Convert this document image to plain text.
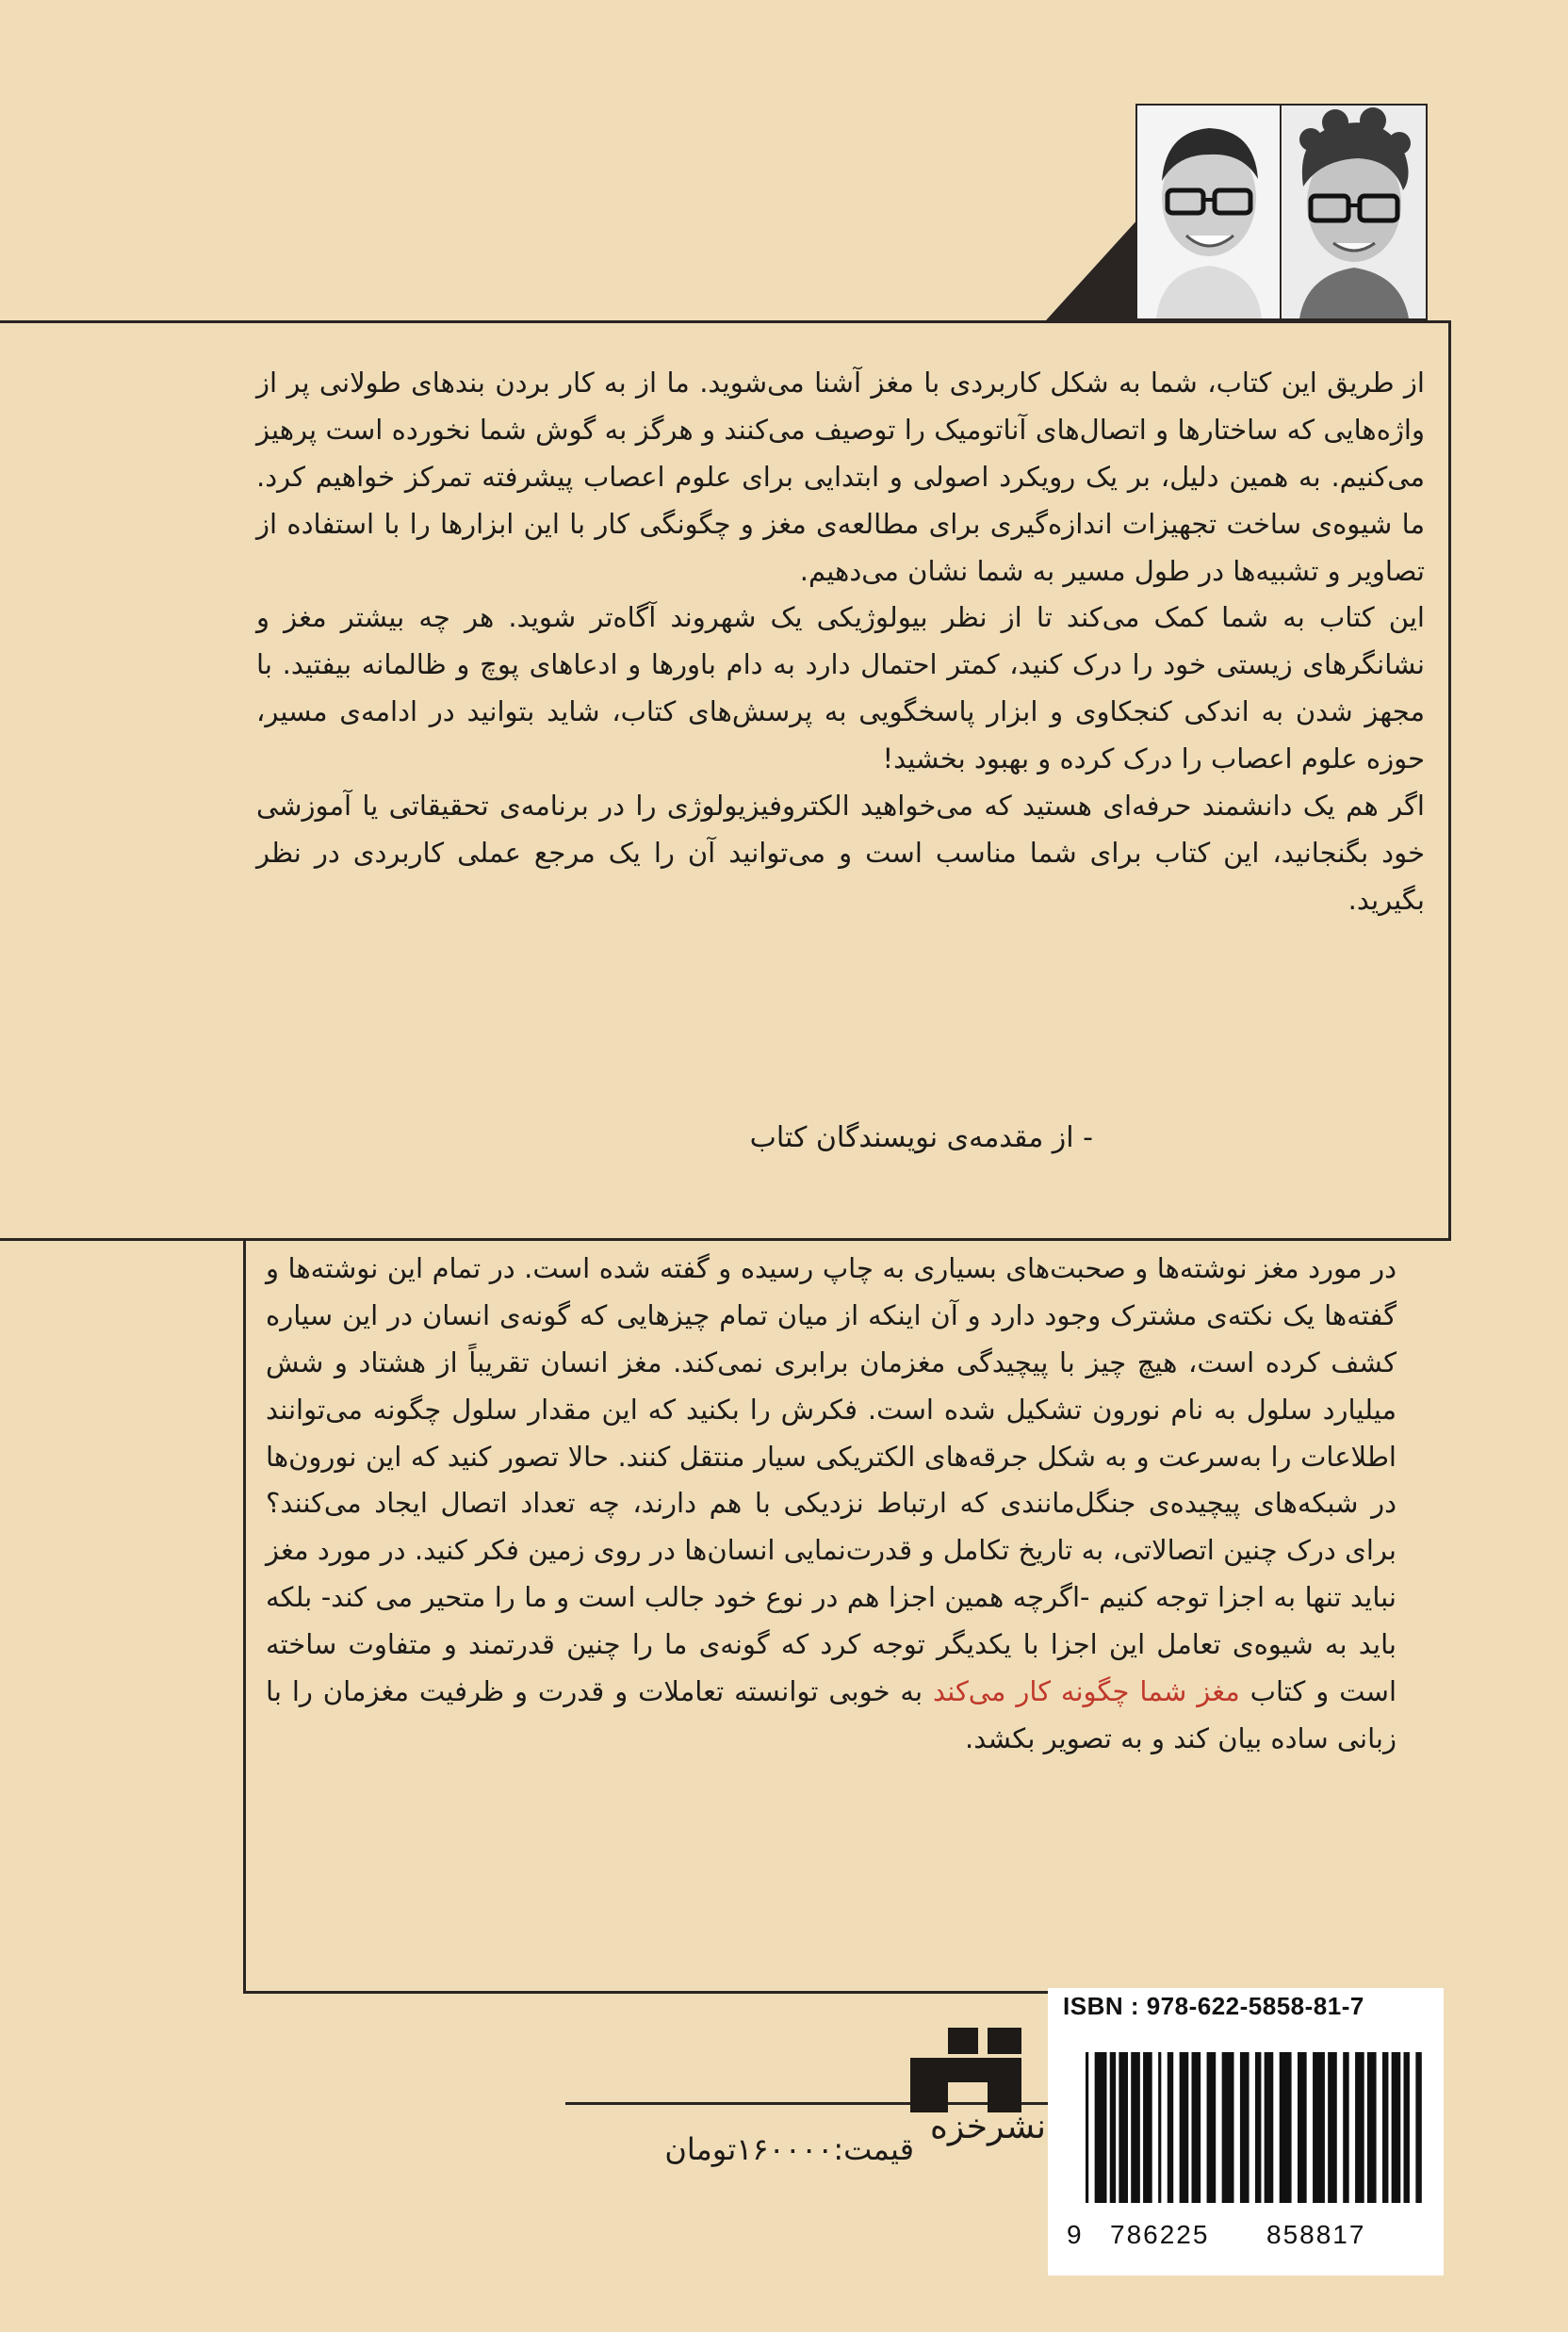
از طریق این کتاب، شما به شکل کاربردی با مغز آشنا می‌شوید. ما از به کار بردن بندهای طولانی پر از واژه‌هایی که ساختارها و اتصال‌های آناتومیک را توصیف می‌کنند و هرگز به گوش شما نخورده است پرهیز می‌کنیم. به همین دلیل، بر یک رویکرد اصولی و ابتدایی برای علوم اعصاب پیشرفته تمرکز خواهیم کرد. ما شیوه‌ی ساخت تجهیزات اندازه‌گیری برای مطالعه‌ی مغز و چگونگی کار با این ابزارها را با استفاده از تصاویر و تشبیه‌ها در طول مسیر به شما نشان می‌دهیم.

این کتاب به شما کمک می‌کند تا از نظر بیولوژیکی یک شهروند آگاه‌تر شوید. هر چه بیشتر مغز و نشانگرهای زیستی خود را درک کنید، کمتر احتمال دارد به دام باورها و ادعاهای پوچ و ظالمانه بیفتید. با مجهز شدن به اندکی کنجکاوی و ابزار پاسخگویی به پرسش‌های کتاب، شاید بتوانید در ادامه‌ی مسیر، حوزه علوم اعصاب را درک کرده و بهبود بخشید!

اگر هم یک دانشمند حرفه‌ای هستید که می‌خواهید الکتروفیزیولوژی را در برنامه‌ی تحقیقاتی یا آموزشی خود بگنجانید، این کتاب برای شما مناسب است و می‌توانید آن را یک مرجع عملی کاربردی در نظر بگیرید.

- از مقدمه‌ی نویسندگان کتاب

در مورد مغز نوشته‌ها و صحبت‌های بسیاری به چاپ رسیده و گفته شده است. در تمام این نوشته‌ها و گفته‌ها یک نکته‌ی مشترک وجود دارد و آن اینکه از میان تمام چیزهایی که گونه‌ی انسان در این سیاره کشف کرده است، هیچ چیز با پیچیدگی مغزمان برابری نمی‌کند. مغز انسان تقریباً از هشتاد و شش میلیارد سلول به نام نورون تشکیل شده است. فکرش را بکنید که این مقدار سلول چگونه می‌توانند اطلاعات را به‌سرعت و به شکل جرقه‌های الکتریکی سیار منتقل کنند. حالا تصور کنید که این نورون‌ها در شبکه‌های پیچیده‌ی جنگل‌مانندی که ارتباط نزدیکی با هم دارند، چه تعداد اتصال ایجاد می‌کنند؟ برای درک چنین اتصالاتی، به تاریخ تکامل و قدرت‌نمایی انسان‌ها در روی زمین فکر کنید. در مورد مغز نباید تنها به اجزا توجه کنیم -اگرچه همین اجزا هم در نوع خود جالب است و ما را متحیر می کند- بلکه باید به شیوه‌ی تعامل این اجزا با یکدیگر توجه کرد که گونه‌ی ما را چنین قدرتمند و متفاوت ساخته است و کتاب مغز شما چگونه کار می‌کند به خوبی توانسته تعاملات و قدرت و ظرفیت مغزمان را با زبانی ساده بیان کند و به تصویر بکشد.

ISBN : 978-622-5858-81-7
9 786225 858817
نشرخزه
قیمت:۱۶۰۰۰۰تومان
